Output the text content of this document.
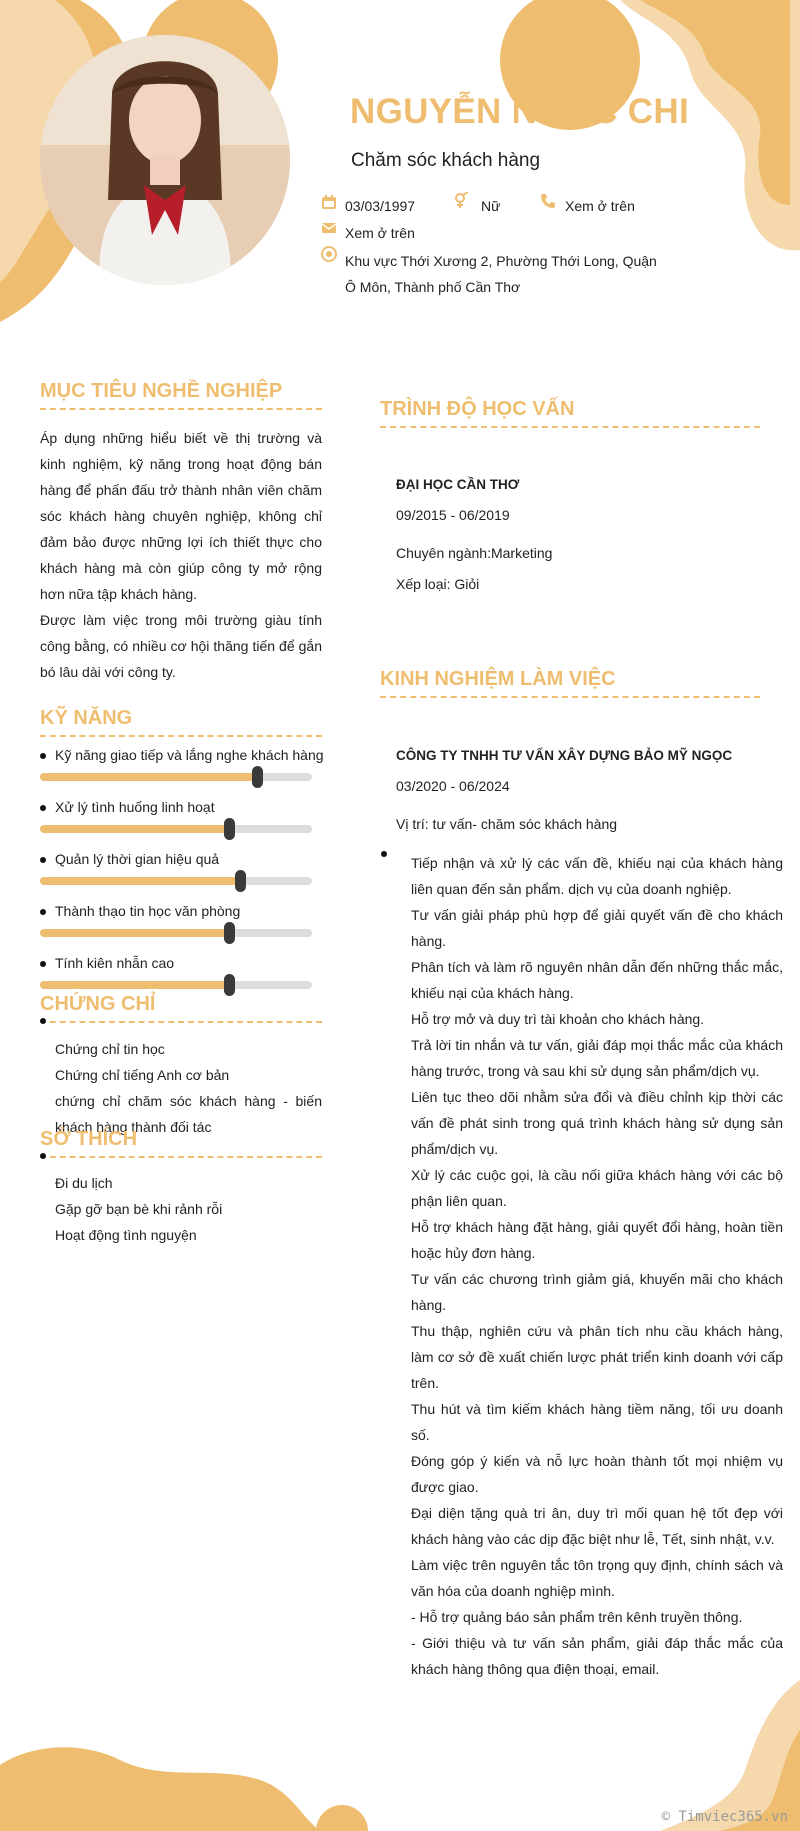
NGUYỄN NGỌC CHI
Chăm sóc khách hàng
03/03/1997	Nữ	Xem ở trên
Xem ở trên
Khu vực Thới Xương 2, Phường Thới Long, Quận Ô Môn, Thành phố Cần Thơ
MỤC TIÊU NGHỀ NGHIỆP
Áp dụng những hiểu biết về thị trường và kinh nghiệm, kỹ năng trong hoạt động bán hàng để phấn đấu trở thành nhân viên chăm sóc khách hàng chuyên nghiệp, không chỉ đảm bảo được những lợi ích thiết thực cho khách hàng mà còn giúp công ty mở rộng hơn nữa tập khách hàng.
Được làm việc trong môi trường giàu tính công bằng, có nhiều cơ hội thăng tiến để gắn bó lâu dài với công ty.
KỸ NĂNG
Kỹ năng giao tiếp và lắng nghe khách hàng
Xử lý tình huống linh hoạt
Quản lý thời gian hiệu quả
Thành thạo tin học văn phòng
Tính kiên nhẫn cao
CHỨNG CHỈ
Chứng chỉ tin học
Chứng chỉ tiếng Anh cơ bản
chứng chỉ chăm sóc khách hàng - biến khách hàng thành đối tác
SỞ THÍCH
Đi du lịch
Gặp gỡ bạn bè khi rảnh rỗi
Hoạt động tình nguyện
TRÌNH ĐỘ HỌC VẤN
ĐẠI HỌC CẦN THƠ
09/2015 - 06/2019
Chuyên ngành:Marketing
Xếp loại: Giỏi
KINH NGHIỆM LÀM VIỆC
CÔNG TY TNHH TƯ VẤN XÂY DỰNG BẢO MỸ NGỌC
03/2020 - 06/2024
Vị trí: tư vấn- chăm sóc khách hàng
Tiếp nhận và xử lý các vấn đề, khiếu nại của khách hàng liên quan đến sản phẩm. dịch vụ của doanh nghiệp.
Tư vấn giải pháp phù hợp để giải quyết vấn đề cho khách hàng.
Phân tích và làm rõ nguyên nhân dẫn đến những thắc mắc, khiếu nại của khách hàng.
Hỗ trợ mở và duy trì tài khoản cho khách hàng.
Trả lời tin nhắn và tư vấn, giải đáp mọi thắc mắc của khách hàng trước, trong và sau khi sử dụng sản phẩm/dịch vụ.
Liên tục theo dõi nhằm sửa đổi và điều chỉnh kịp thời các vấn đề phát sinh trong quá trình khách hàng sử dụng sản phẩm/dịch vụ.
Xử lý các cuộc gọi, là cầu nối giữa khách hàng với các bộ phận liên quan.
Hỗ trợ khách hàng đặt hàng, giải quyết đổi hàng, hoàn tiền hoặc hủy đơn hàng.
Tư vấn các chương trình giảm giá, khuyến mãi cho khách hàng.
Thu thập, nghiên cứu và phân tích nhu cầu khách hàng, làm cơ sở đề xuất chiến lược phát triển kinh doanh với cấp trên.
Thu hút và tìm kiếm khách hàng tiềm năng, tối ưu doanh số.
Đóng góp ý kiến và nỗ lực hoàn thành tốt mọi nhiệm vụ được giao.
Đại diện tặng quà tri ân, duy trì mối quan hệ tốt đẹp với khách hàng vào các dịp đặc biệt như lễ, Tết, sinh nhật, v.v.
Làm việc trên nguyên tắc tôn trọng quy định, chính sách và văn hóa của doanh nghiệp mình.
- Hỗ trợ quảng báo sản phẩm trên kênh truyền thông.
- Giới thiệu và tư vấn sản phẩm, giải đáp thắc mắc của khách hàng thông qua điện thoại, email.
© Timviec365.vn
